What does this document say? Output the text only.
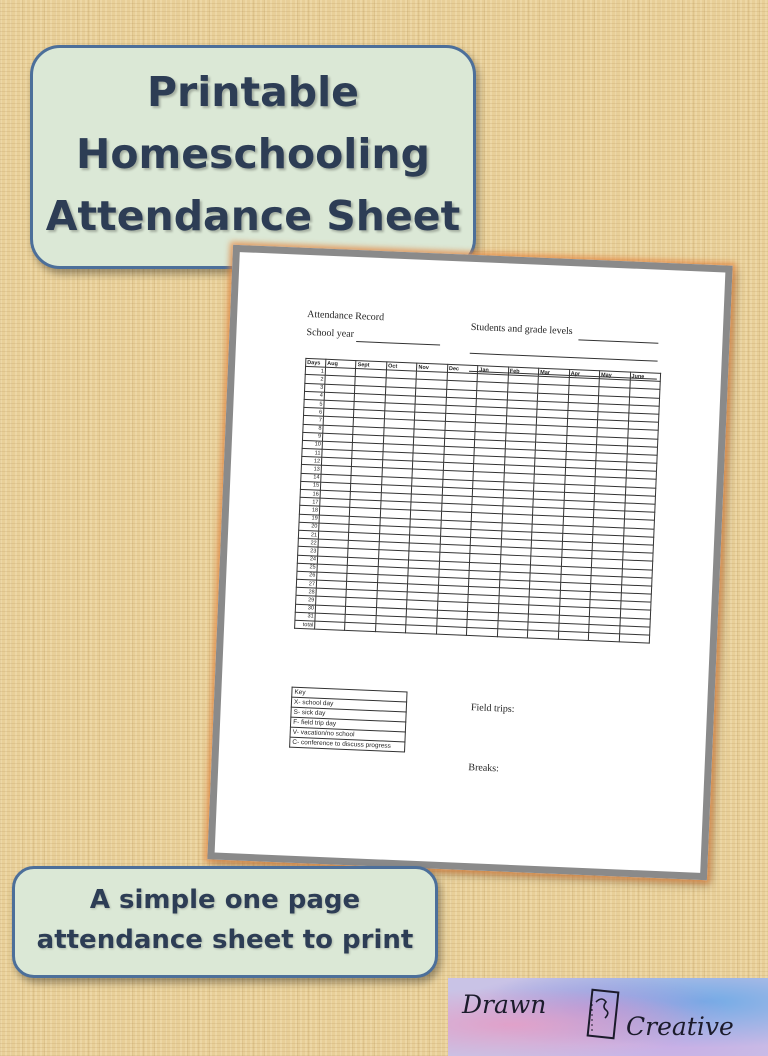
Printable
Homeschooling
Attendance Sheet
Attendance Record
School year	Students and grade levels
Days	Aug	Sept	Oct	Nov	Dec	Jan	Feb	Mar	Apr	May	June
1											
2											
3											
4											
5											
6											
7											
8											
9											
10											
11											
12											
13											
14											
15											
16											
17											
18											
19											
20											
21											
22											
23											
24											
25											
26											
27											
28											
29											
30											
31											
total											
Key
X- school day
S- sick day
F- field trip day
V- vacation/no school
C- conference to discuss progress
Field trips:
Breaks:
A simple one page
attendance sheet to print
Drawn
Creative
